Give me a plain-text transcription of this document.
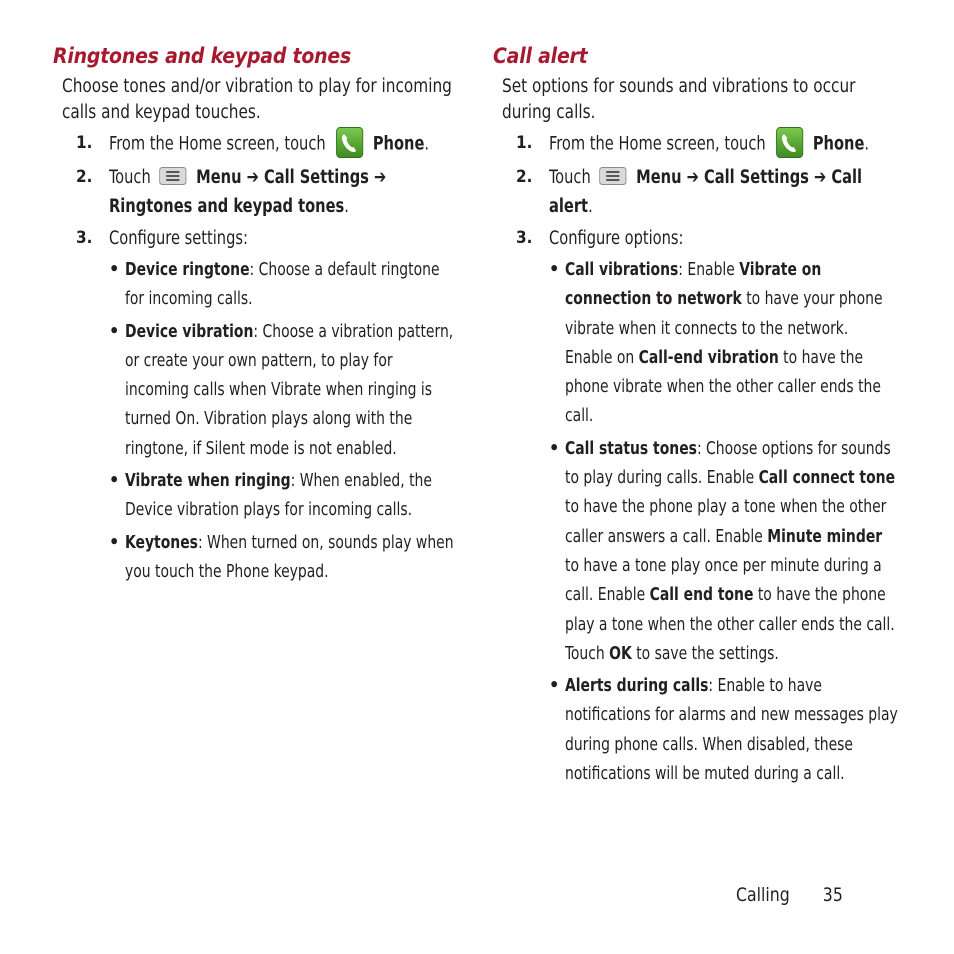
Ringtones and keypad tones

Choose tones and/or vibration to play for incoming calls and keypad touches.

1. From the Home screen, touch	Phone.
2. Touch Menu ➔ Call Settings ➔ Ringtones and keypad tones.
3. Configure settings:
• Device ringtone: Choose a default ringtone for incoming calls.
• Device vibration: Choose a vibration pattern, or create your own pattern, to play for incoming calls when Vibrate when ringing is turned On. Vibration plays along with the ringtone, if Silent mode is not enabled.
• Vibrate when ringing: When enabled, the Device vibration plays for incoming calls.
• Keytones: When turned on, sounds play when you touch the Phone keypad.
Call alert

Set options for sounds and vibrations to occur during calls.

1. From the Home screen, touch	Phone.
2. Touch Menu ➔ Call Settings ➔ Call alert.
3. Configure options:
• Call vibrations: Enable Vibrate on connection to network to have your phone vibrate when it connects to the network. Enable on Call-end vibration to have the phone vibrate when the other caller ends the call.
• Call status tones: Choose options for sounds to play during calls. Enable Call connect tone to have the phone play a tone when the other caller answers a call. Enable Minute minder to have a tone play once per minute during a call. Enable Call end tone to have the phone play a tone when the other caller ends the call. Touch OK to save the settings.
• Alerts during calls: Enable to have notifications for alarms and new messages play during phone calls. When disabled, these notifications will be muted during a call.
Calling 35
